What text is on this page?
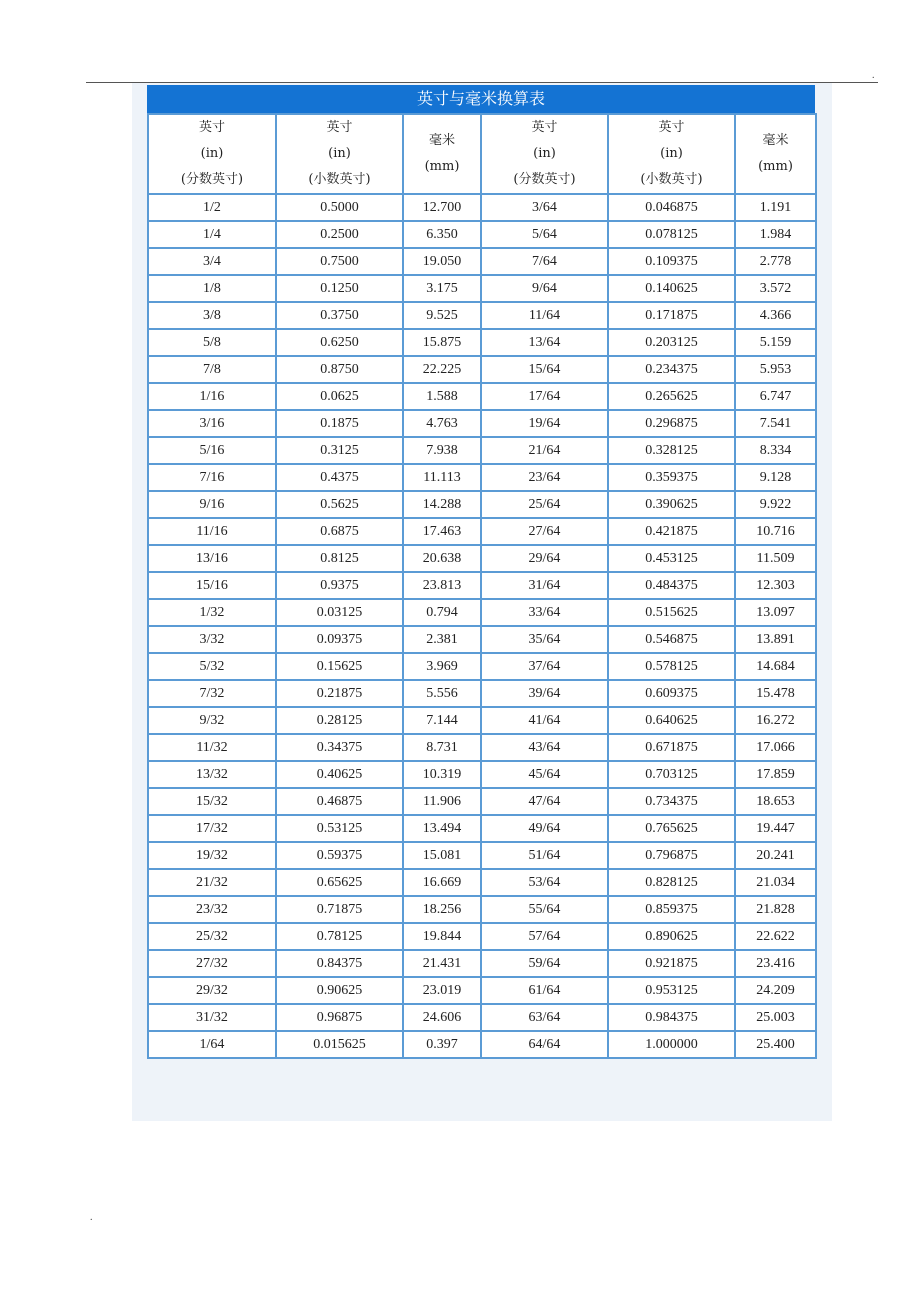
.
英寸与毫米换算表
英寸
(in)
(分数英寸)	英寸
(in)
(小数英寸)	毫米
(mm)	英寸
(in)
(分数英寸)	英寸
(in)
(小数英寸)	毫米
(mm)
1/2	0.5000	12.700	3/64	0.046875	1.191
1/4	0.2500	6.350	5/64	0.078125	1.984
3/4	0.7500	19.050	7/64	0.109375	2.778
1/8	0.1250	3.175	9/64	0.140625	3.572
3/8	0.3750	9.525	11/64	0.171875	4.366
5/8	0.6250	15.875	13/64	0.203125	5.159
7/8	0.8750	22.225	15/64	0.234375	5.953
1/16	0.0625	1.588	17/64	0.265625	6.747
3/16	0.1875	4.763	19/64	0.296875	7.541
5/16	0.3125	7.938	21/64	0.328125	8.334
7/16	0.4375	11.113	23/64	0.359375	9.128
9/16	0.5625	14.288	25/64	0.390625	9.922
11/16	0.6875	17.463	27/64	0.421875	10.716
13/16	0.8125	20.638	29/64	0.453125	11.509
15/16	0.9375	23.813	31/64	0.484375	12.303
1/32	0.03125	0.794	33/64	0.515625	13.097
3/32	0.09375	2.381	35/64	0.546875	13.891
5/32	0.15625	3.969	37/64	0.578125	14.684
7/32	0.21875	5.556	39/64	0.609375	15.478
9/32	0.28125	7.144	41/64	0.640625	16.272
11/32	0.34375	8.731	43/64	0.671875	17.066
13/32	0.40625	10.319	45/64	0.703125	17.859
15/32	0.46875	11.906	47/64	0.734375	18.653
17/32	0.53125	13.494	49/64	0.765625	19.447
19/32	0.59375	15.081	51/64	0.796875	20.241
21/32	0.65625	16.669	53/64	0.828125	21.034
23/32	0.71875	18.256	55/64	0.859375	21.828
25/32	0.78125	19.844	57/64	0.890625	22.622
27/32	0.84375	21.431	59/64	0.921875	23.416
29/32	0.90625	23.019	61/64	0.953125	24.209
31/32	0.96875	24.606	63/64	0.984375	25.003
1/64	0.015625	0.397	64/64	1.000000	25.400
.
